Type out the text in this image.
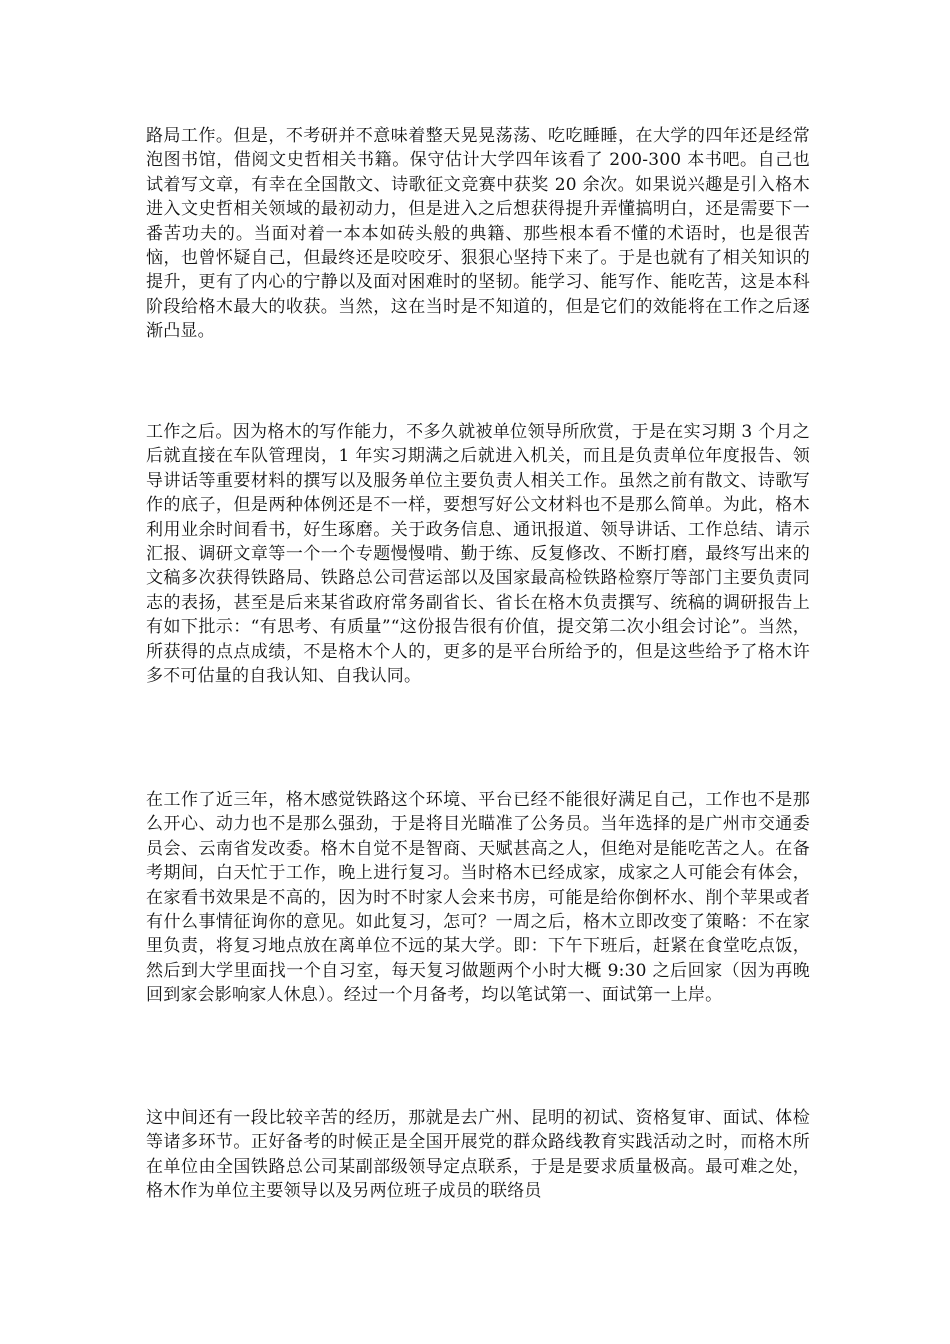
路局工作。但是，不考研并不意味着整天晃晃荡荡、吃吃睡睡，在大学的四年还是经常泡图书馆，借阅文史哲相关书籍。保守估计大学四年该看了 200-300 本书吧。自己也试着写文章，有幸在全国散文、诗歌征文竞赛中获奖 20 余次。如果说兴趣是引入格木进入文史哲相关领域的最初动力，但是进入之后想获得提升弄懂搞明白，还是需要下一番苦功夫的。当面对着一本本如砖头般的典籍、那些根本看不懂的术语时，也是很苦恼，也曾怀疑自己，但最终还是咬咬牙、狠狠心坚持下来了。于是也就有了相关知识的提升，更有了内心的宁静以及面对困难时的坚韧。能学习、能写作、能吃苦，这是本科阶段给格木最大的收获。当然，这在当时是不知道的，但是它们的效能将在工作之后逐渐凸显。

工作之后。因为格木的写作能力，不多久就被单位领导所欣赏，于是在实习期 3 个月之后就直接在车队管理岗，1 年实习期满之后就进入机关，而且是负责单位年度报告、领导讲话等重要材料的撰写以及服务单位主要负责人相关工作。虽然之前有散文、诗歌写作的底子，但是两种体例还是不一样，要想写好公文材料也不是那么简单。为此，格木利用业余时间看书，好生琢磨。关于政务信息、通讯报道、领导讲话、工作总结、请示汇报、调研文章等一个一个专题慢慢啃、勤于练、反复修改、不断打磨，最终写出来的文稿多次获得铁路局、铁路总公司营运部以及国家最高检铁路检察厅等部门主要负责同志的表扬，甚至是后来某省政府常务副省长、省长在格木负责撰写、统稿的调研报告上有如下批示：“有思考、有质量”“这份报告很有价值，提交第二次小组会讨论”。当然，所获得的点点成绩，不是格木个人的，更多的是平台所给予的，但是这些给予了格木许多不可估量的自我认知、自我认同。

在工作了近三年，格木感觉铁路这个环境、平台已经不能很好满足自己，工作也不是那么开心、动力也不是那么强劲，于是将目光瞄准了公务员。当年选择的是广州市交通委员会、云南省发改委。格木自觉不是智商、天赋甚高之人，但绝对是能吃苦之人。在备考期间，白天忙于工作，晚上进行复习。当时格木已经成家，成家之人可能会有体会，在家看书效果是不高的，因为时不时家人会来书房，可能是给你倒杯水、削个苹果或者有什么事情征询你的意见。如此复习，怎可？一周之后，格木立即改变了策略：不在家里负责，将复习地点放在离单位不远的某大学。即：下午下班后，赶紧在食堂吃点饭，然后到大学里面找一个自习室，每天复习做题两个小时大概 9:30 之后回家（因为再晚回到家会影响家人休息）。经过一个月备考，均以笔试第一、面试第一上岸。

这中间还有一段比较辛苦的经历，那就是去广州、昆明的初试、资格复审、面试、体检等诸多环节。正好备考的时候正是全国开展党的群众路线教育实践活动之时，而格木所在单位由全国铁路总公司某副部级领导定点联系，于是是要求质量极高。最可难之处，格木作为单位主要领导以及另两位班子成员的联络员
